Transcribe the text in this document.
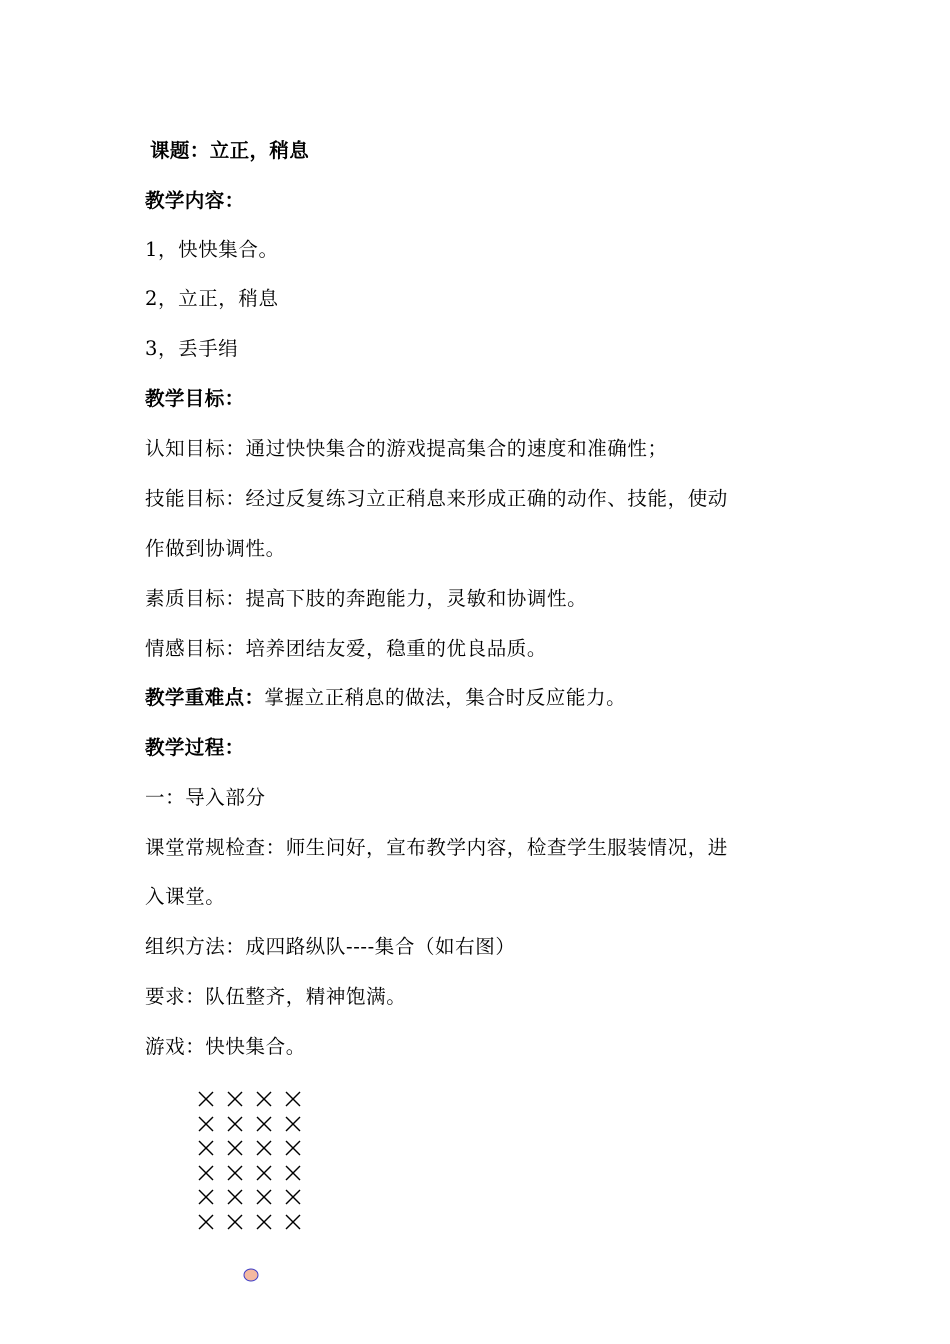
课题：立正，稍息
教学内容：
1，快快集合。
2，立正，稍息
3，丢手绢
教学目标：
认知目标：通过快快集合的游戏提高集合的速度和准确性；
技能目标：经过反复练习立正稍息来形成正确的动作、技能，使动
作做到协调性。
素质目标：提高下肢的奔跑能力，灵敏和协调性。
情感目标：培养团结友爱，稳重的优良品质。
教学重难点：掌握立正稍息的做法，集合时反应能力。
教学过程：
一：导入部分
课堂常规检查：师生问好，宣布教学内容，检查学生服装情况，进
入课堂。
组织方法：成四路纵队----集合（如右图）
要求：队伍整齐，精神饱满。
游戏：快快集合。
